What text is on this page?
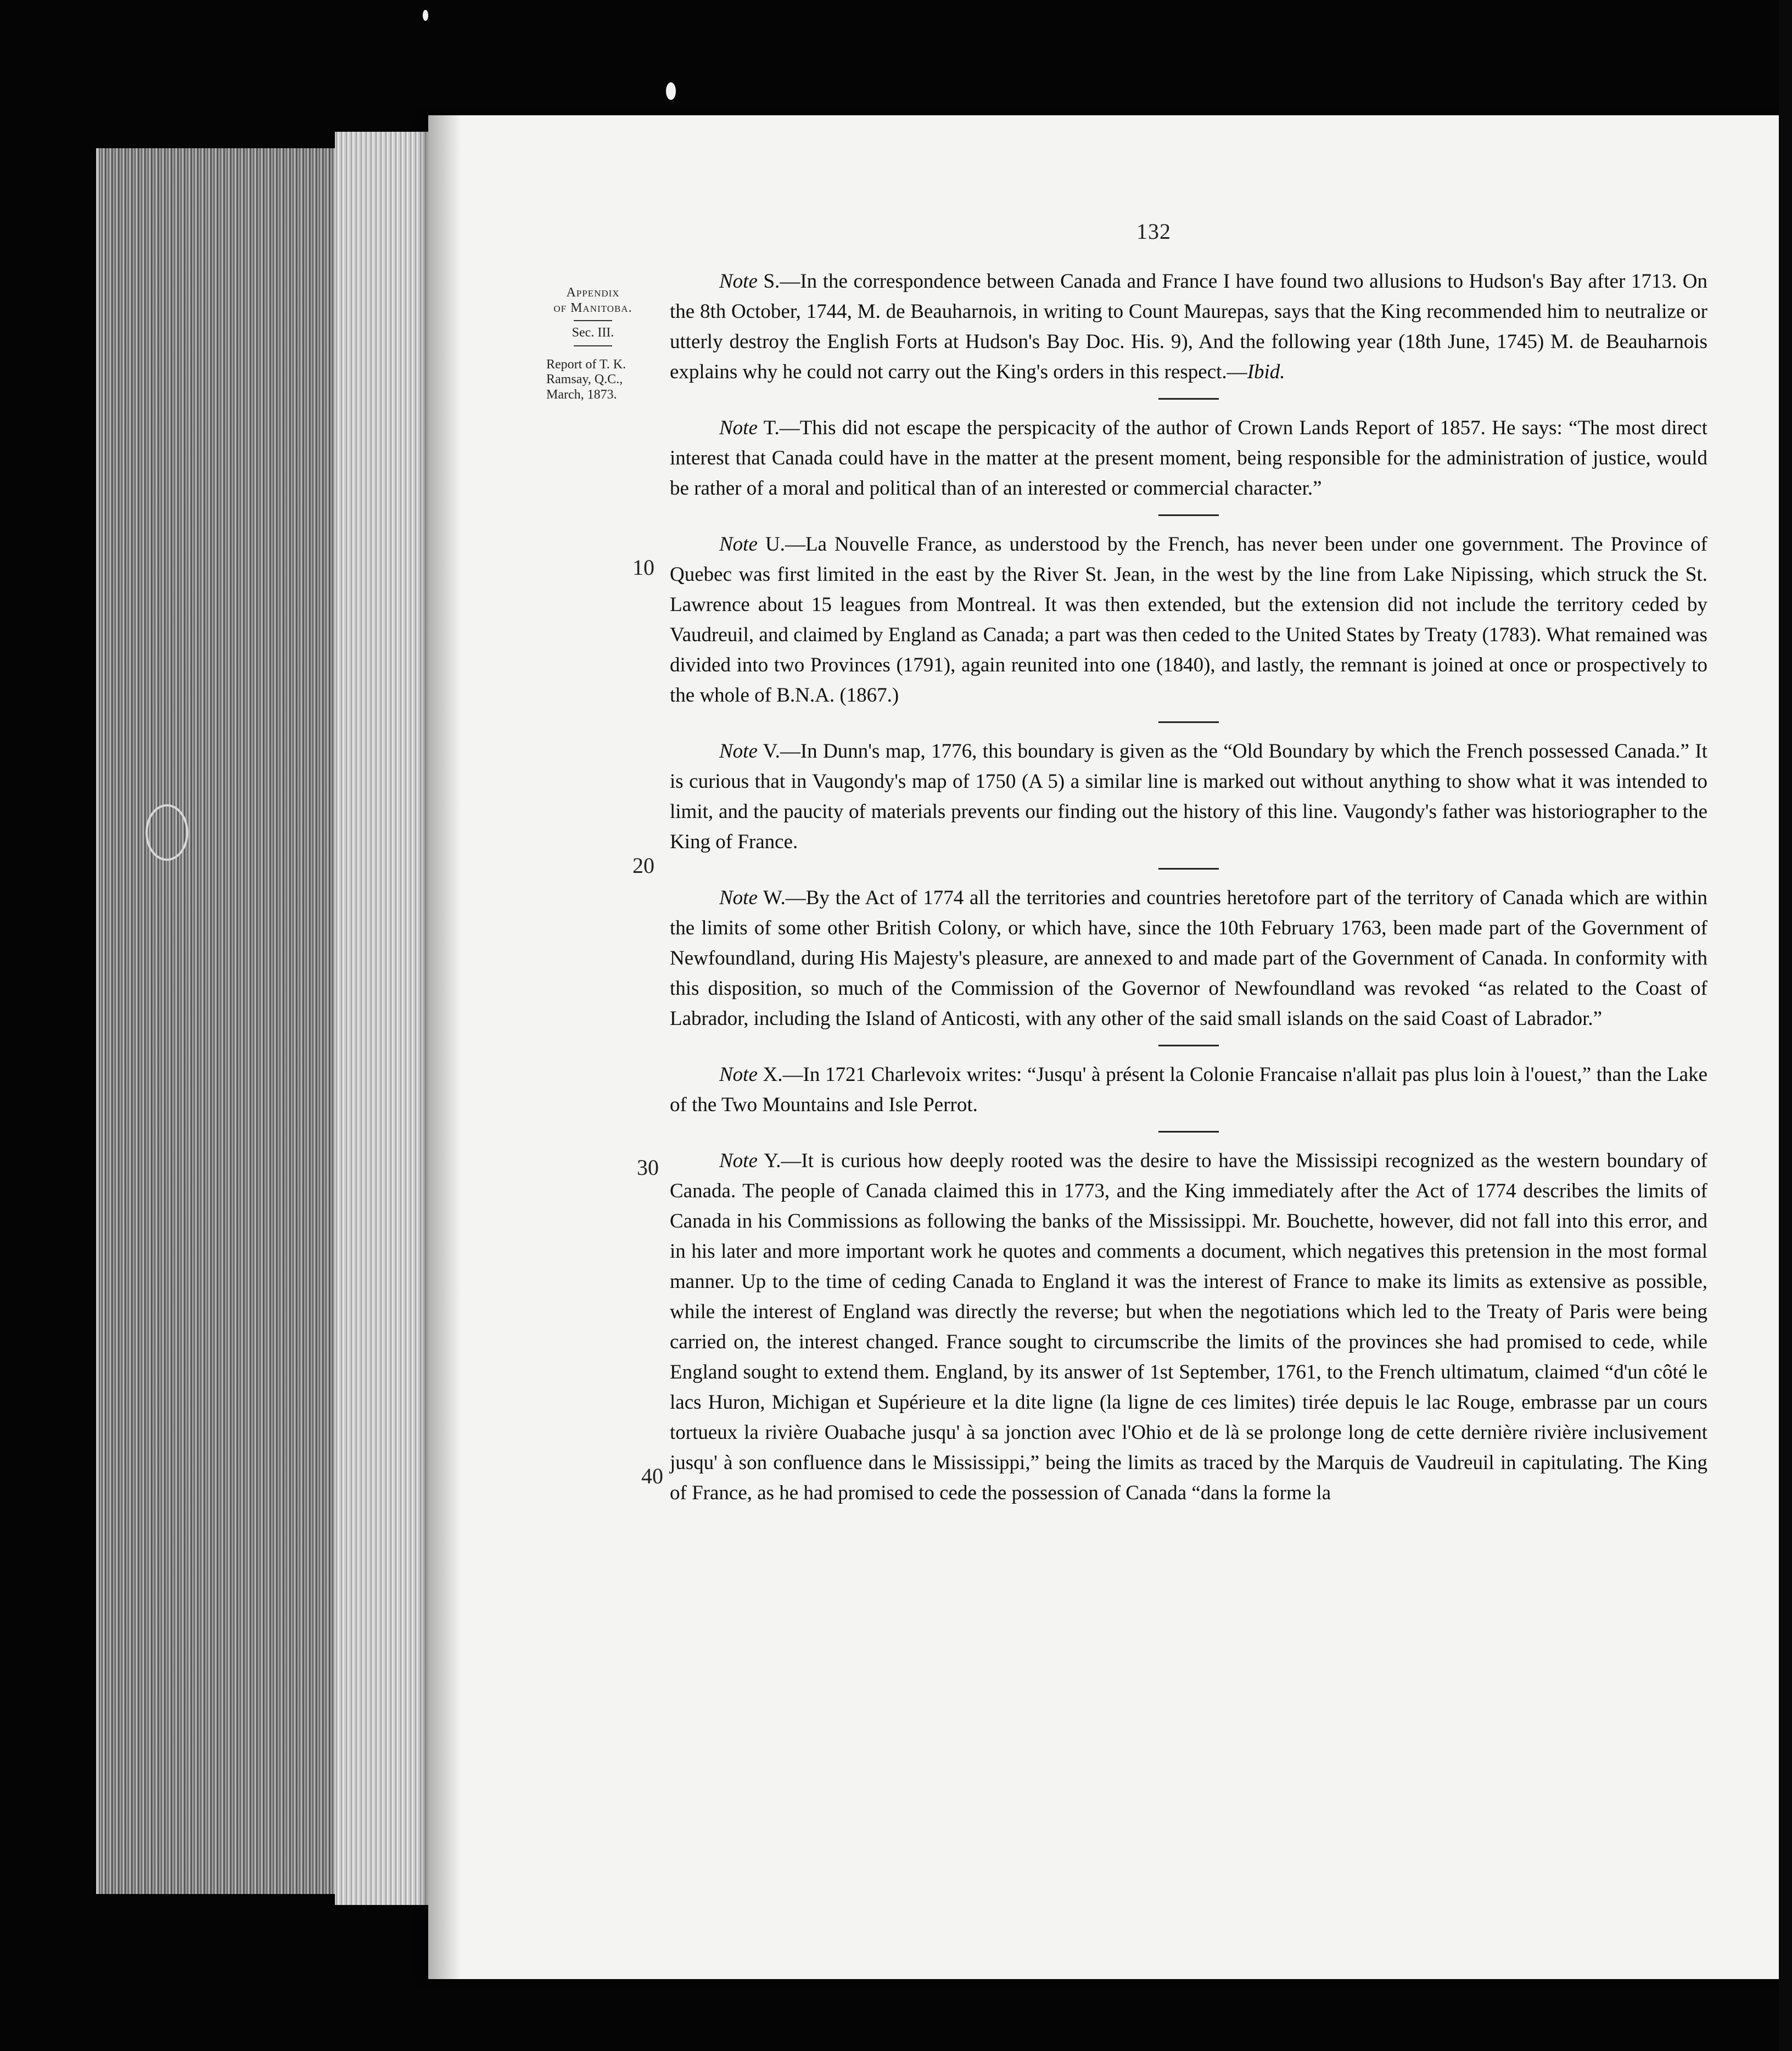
132
Appendix
of Manitoba.
Sec. III.
Report of T. K. Ramsay, Q.C., March, 1873.
10
20
30
40

Note S.—In the correspondence between Canada and France I have found two allusions to Hudson's Bay after 1713. On the 8th October, 1744, M. de Beauharnois, in writing to Count Maurepas, says that the King recommended him to neutralize or utterly destroy the English Forts at Hudson's Bay Doc. His. 9), And the following year (18th June, 1745) M. de Beauharnois explains why he could not carry out the King's orders in this respect.—Ibid.

Note T.—This did not escape the perspicacity of the author of Crown Lands Report of 1857. He says: “The most direct interest that Canada could have in the matter at the present moment, being responsible for the administration of justice, would be rather of a moral and political than of an interested or commercial character.”

Note U.—La Nouvelle France, as understood by the French, has never been under one government. The Province of Quebec was first limited in the east by the River St. Jean, in the west by the line from Lake Nipissing, which struck the St. Lawrence about 15 leagues from Montreal. It was then extended, but the extension did not include the territory ceded by Vaudreuil, and claimed by England as Canada; a part was then ceded to the United States by Treaty (1783). What remained was divided into two Provinces (1791), again reunited into one (1840), and lastly, the remnant is joined at once or prospectively to the whole of B.N.A. (1867.)

Note V.—In Dunn's map, 1776, this boundary is given as the “Old Boundary by which the French possessed Canada.” It is curious that in Vaugondy's map of 1750 (A 5) a similar line is marked out without anything to show what it was intended to limit, and the paucity of materials prevents our finding out the history of this line. Vaugondy's father was historiographer to the King of France.

Note W.—By the Act of 1774 all the territories and countries heretofore part of the territory of Canada which are within the limits of some other British Colony, or which have, since the 10th February 1763, been made part of the Government of Newfoundland, during His Majesty's pleasure, are annexed to and made part of the Government of Canada. In conformity with this disposition, so much of the Commission of the Governor of Newfoundland was revoked “as related to the Coast of Labrador, including the Island of Anticosti, with any other of the said small islands on the said Coast of Labrador.”

Note X.—In 1721 Charlevoix writes: “Jusqu' à présent la Colonie Francaise n'allait pas plus loin à l'ouest,” than the Lake of the Two Mountains and Isle Perrot.

Note Y.—It is curious how deeply rooted was the desire to have the Mississipi recognized as the western boundary of Canada. The people of Canada claimed this in 1773, and the King immediately after the Act of 1774 describes the limits of Canada in his Commissions as following the banks of the Mississippi. Mr. Bouchette, however, did not fall into this error, and in his later and more important work he quotes and comments a document, which negatives this pretension in the most formal manner. Up to the time of ceding Canada to England it was the interest of France to make its limits as extensive as possible, while the interest of England was directly the reverse; but when the negotiations which led to the Treaty of Paris were being carried on, the interest changed. France sought to circumscribe the limits of the provinces she had promised to cede, while England sought to extend them. England, by its answer of 1st September, 1761, to the French ultimatum, claimed “d'un côté le lacs Huron, Michigan et Supérieure et la dite ligne (la ligne de ces limites) tirée depuis le lac Rouge, embrasse par un cours tortueux la rivière Ouabache jusqu' à sa jonction avec l'Ohio et de là se prolonge long de cette dernière rivière inclusivement jusqu' à son confluence dans le Mississippi,” being the limits as traced by the Marquis de Vaudreuil in capitulating. The King of France, as he had promised to cede the possession of Canada “dans la forme la
